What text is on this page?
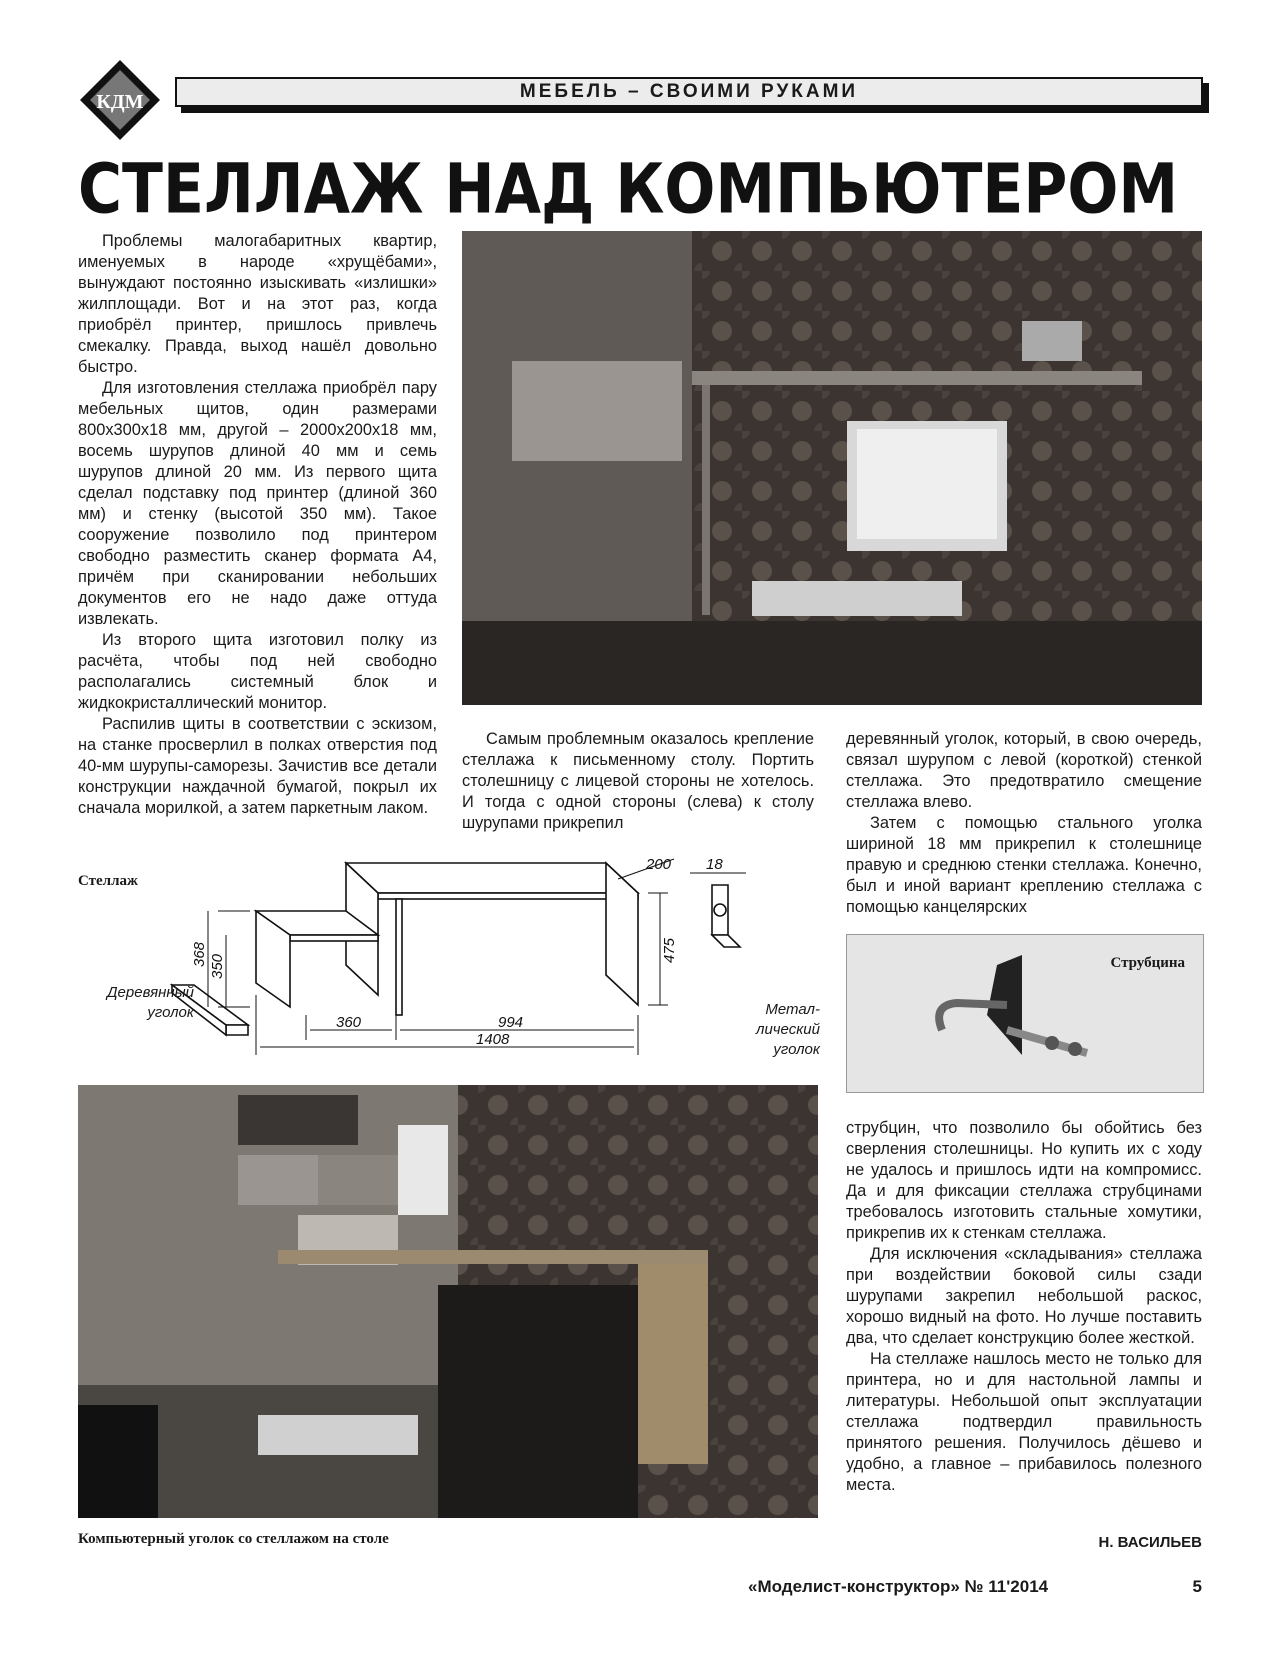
КДМ	МЕБЕЛЬ – СВОИМИ РУКАМИ
СТЕЛЛАЖ НАД КОМПЬЮТЕРОМ

Проблемы малогабаритных квартир, именуемых в народе «хрущёбами», вынуждают постоянно изыскивать «излишки» жилплощади. Вот и на этот раз, когда приобрёл принтер, пришлось привлечь смекалку. Правда, выход нашёл довольно быстро.

Для изготовления стеллажа приобрёл пару мебельных щитов, один размерами 800х300х18 мм, другой – 2000х200х18 мм, восемь шурупов длиной 40 мм и семь шурупов длиной 20 мм. Из первого щита сделал подставку под принтер (длиной 360 мм) и стенку (высотой 350 мм). Такое сооружение позволило под принтером свободно разместить сканер формата А4, причём при сканировании небольших документов его не надо даже оттуда извлекать.

Из второго щита изготовил полку из расчёта, чтобы под ней свободно располагались системный блок и жидкокристаллический монитор.

Распилив щиты в соответствии с эскизом, на станке просверлил в полках отверстия под 40-мм шурупы-саморезы. Зачистив все детали конструкции наждачной бумагой, покрыл их сначала морилкой, а затем паркетным лаком.

Самым проблемным оказалось крепление стеллажа к письменному столу. Портить столешницу с лицевой стороны не хотелось. И тогда с одной стороны (слева) к столу шурупами прикрепил

деревянный уголок, который, в свою очередь, связал шурупом с левой (короткой) стенкой стеллажа. Это предотвратило смещение стеллажа влево.

Затем с помощью стального уголка шириной 18 мм прикрепил к столешнице правую и среднюю стенки стеллажа. Конечно, был и иной вариант креплению стеллажа с помощью канцелярских

Стеллаж
200 18
368 350
475
360	994
1408
Деревянный
уголок	Метал-
лический
уголок
Струбцина

струбцин, что позволило бы обойтись без сверления столешницы. Но купить их с ходу не удалось и пришлось идти на компромисс. Да и для фиксации стеллажа струбцинами требовалось изготовить стальные хомутики, прикрепив их к стенкам стеллажа.

Для исключения «складывания» стеллажа при воздействии боковой силы сзади шурупами закрепил небольшой раскос, хорошо видный на фото. Но лучше поставить два, что сделает конструкцию более жесткой.

На стеллаже нашлось место не только для принтера, но и для настольной лампы и литературы. Небольшой опыт эксплуатации стеллажа подтвердил правильность принятого решения. Получилось дёшево и удобно, а главное – прибавилось полезного места.

Компьютерный уголок со стеллажом на столе	Н. ВАСИЛЬЕВ
«Моделист-конструктор» № 11'2014	5
